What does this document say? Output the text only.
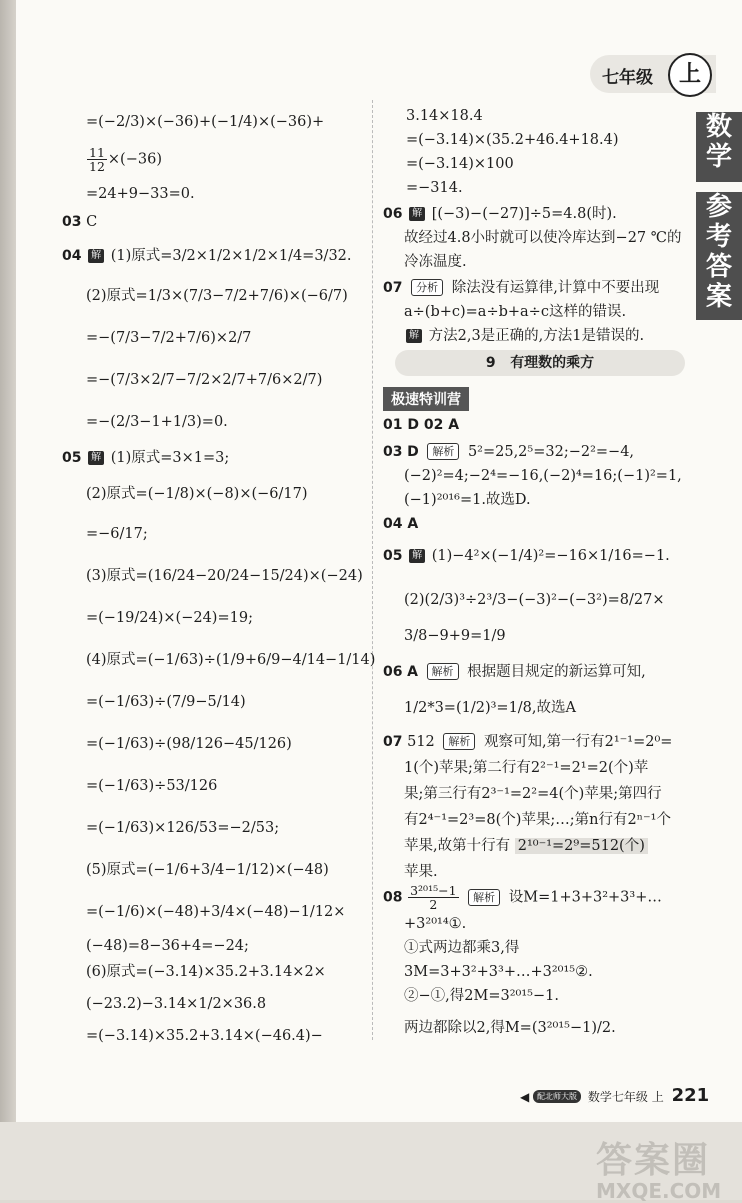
七年级	上
数
学
参
考
答
案
=(−2/3)×(−36)+(−1/4)×(−36)+
$\frac{11}{12} \times(-36)$
=24+9−33=0.
03 C
04 解 (1)原式=3/2×1/2×1/2×1/4=3/32.
(2)原式=1/3×(7/3−7/2+7/6)×(−6/7)
=−(7/3−7/2+7/6)×2/7
=−(7/3×2/7−7/2×2/7+7/6×2/7)
=−(2/3−1+1/3)=0.
05 解 (1)原式=3×1=3;
(2)原式=(−1/8)×(−8)×(−6/17)
=−6/17;
(3)原式=(16/24−20/24−15/24)×(−24)
=(−19/24)×(−24)=19;
(4)原式=(−1/63)÷(1/9+6/9−4/14−1/14)
=(−1/63)÷(7/9−5/14)
=(−1/63)÷(98/126−45/126)
=(−1/63)÷53/126
=(−1/63)×126/53=−2/53;
(5)原式=(−1/6+3/4−1/12)×(−48)
=(−1/6)×(−48)+3/4×(−48)−1/12×
(−48)=8−36+4=−24;
(6)原式=(−3.14)×35.2+3.14×2×
(−23.2)−3.14×1/2×36.8
=(−3.14)×35.2+3.14×(−46.4)−
3.14×18.4
=(−3.14)×(35.2+46.4+18.4)
=(−3.14)×100
=−314.
06 解 [(−3)−(−27)]÷5=4.8(时).
故经过4.8小时就可以使冷库达到−27 ℃的
冷冻温度.
07 分析 除法没有运算律,计算中不要出现
a÷(b+c)=a÷b+a÷c这样的错误.
解 方法2,3是正确的,方法1是错误的.
9 有理数的乘方
极速特训营
01 D 02 A
03 D 解析 5²=25,2⁵=32;−2²=−4,
(−2)²=4;−2⁴=−16,(−2)⁴=16;(−1)²=1,
(−1)²⁰¹⁶=1.故选D.
04 A
05 解 (1)−4²×(−1/4)²=−16×1/16=−1.
(2)(2/3)³÷2³/3−(−3)²−(−3²)=8/27×
3/8−9+9=1/9
06 A 解析 根据题目规定的新运算可知,
1/2*3=(1/2)³=1/8,故选A
07 512 解析 观察可知,第一行有2¹⁻¹=2⁰=
1(个)苹果;第二行有2²⁻¹=2¹=2(个)苹
果;第三行有2³⁻¹=2²=4(个)苹果;第四行
有2⁴⁻¹=2³=8(个)苹果;…;第n行有2ⁿ⁻¹个
苹果,故第十行有 2¹⁰⁻¹=2⁹=512(个)
苹果.
$08 \frac{\text{3²⁰¹⁵−1}}{2}$ 解析 设M=1+3+3²+3³+…
+3²⁰¹⁴①.
①式两边都乘3,得
3M=3+3²+3³+…+3²⁰¹⁵②.
②−①,得2M=3²⁰¹⁵−1.
两边都除以2,得M=(3²⁰¹⁵−1)/2.
◀ 配北师大版 数学七年级 上 221
答案圈
MXQE.COM
